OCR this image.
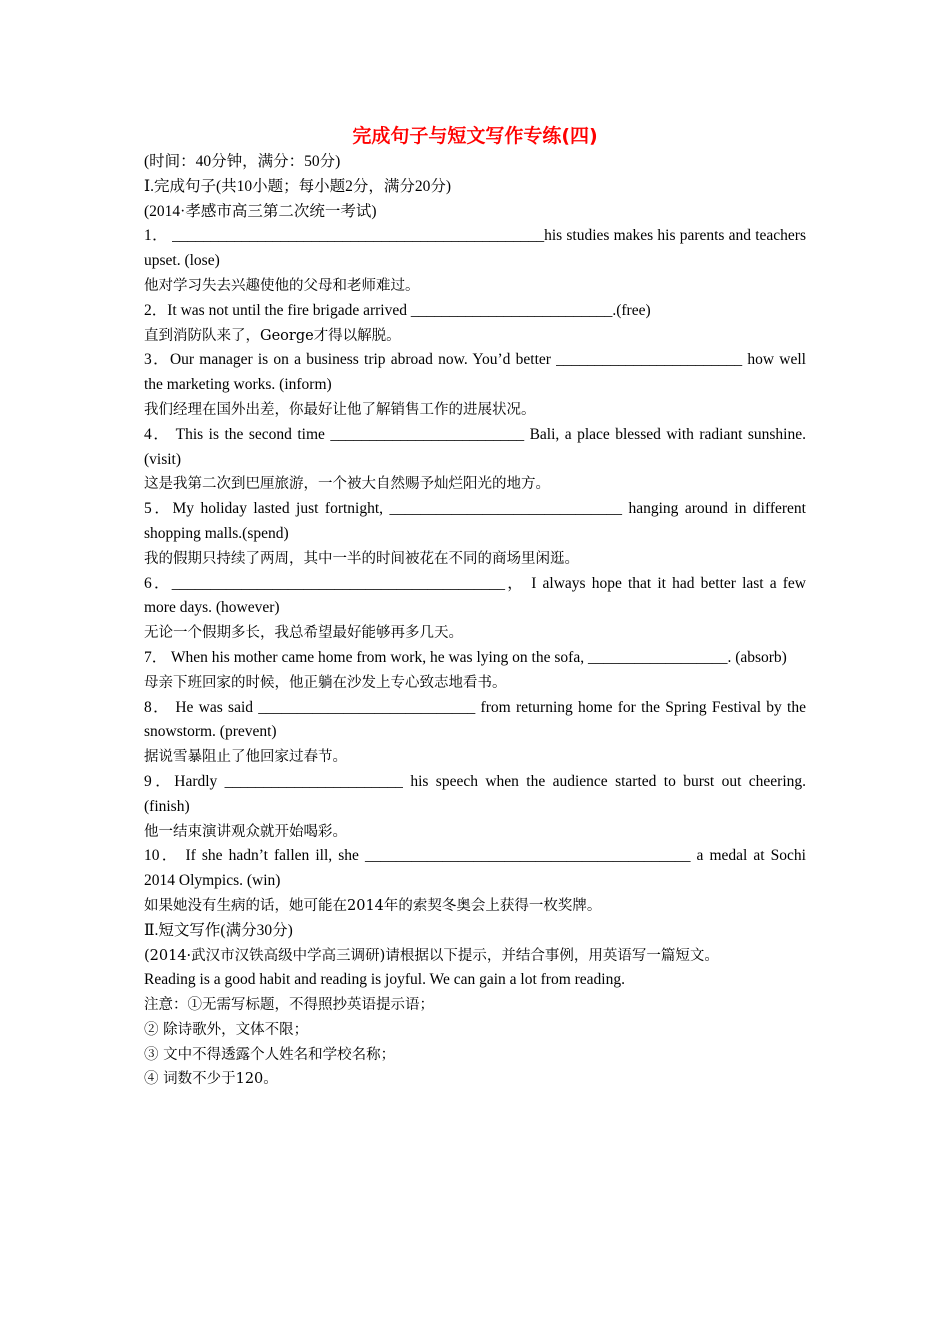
完成句子与短文写作专练(四)

(时间：40分钟，满分：50分)

Ⅰ.完成句子(共10小题；每小题2分，满分20分)

(2014·孝感市高三第二次统一考试)

1． ________________________________________________his studies makes his parents and teachers upset. (lose)

他对学习失去兴趣使他的父母和老师难过。

2．It was not until the fire brigade arrived __________________________.(free)

直到消防队来了，George才得以解脱。

3．Our manager is on a business trip abroad now. You’d better ________________________ how well the marketing works. (inform)

我们经理在国外出差，你最好让他了解销售工作的进展状况。

4． This is the second time _________________________ Bali, a place blessed with radiant sunshine.(visit)

这是我第二次到巴厘旅游，一个被大自然赐予灿烂阳光的地方。

5．My holiday lasted just fortnight, ______________________________ hanging around in different shopping malls.(spend)

我的假期只持续了两周，其中一半的时间被花在不同的商场里闲逛。

6．___________________________________________， I always hope that it had better last a few more days. (however)

无论一个假期多长，我总希望最好能够再多几天。

7． When his mother came home from work, he was lying on the sofa, __________________. (absorb)

母亲下班回家的时候，他正躺在沙发上专心致志地看书。

8． He was said ____________________________ from returning home for the Spring Festival by the snowstorm. (prevent)

据说雪暴阻止了他回家过春节。

9．Hardly _______________________ his speech when the audience started to burst out cheering. (finish)

他一结束演讲观众就开始喝彩。

10． If she hadn’t fallen ill, she __________________________________________ a medal at Sochi 2014 Olympics. (win)

如果她没有生病的话，她可能在2014年的索契冬奥会上获得一枚奖牌。

Ⅱ.短文写作(满分30分)

(2014·武汉市汉铁高级中学高三调研)请根据以下提示，并结合事例，用英语写一篇短文。

Reading is a good habit and reading is joyful. We can gain a lot from reading.

注意：①无需写标题，不得照抄英语提示语；

② 除诗歌外，文体不限；

③ 文中不得透露个人姓名和学校名称；

④ 词数不少于120。
